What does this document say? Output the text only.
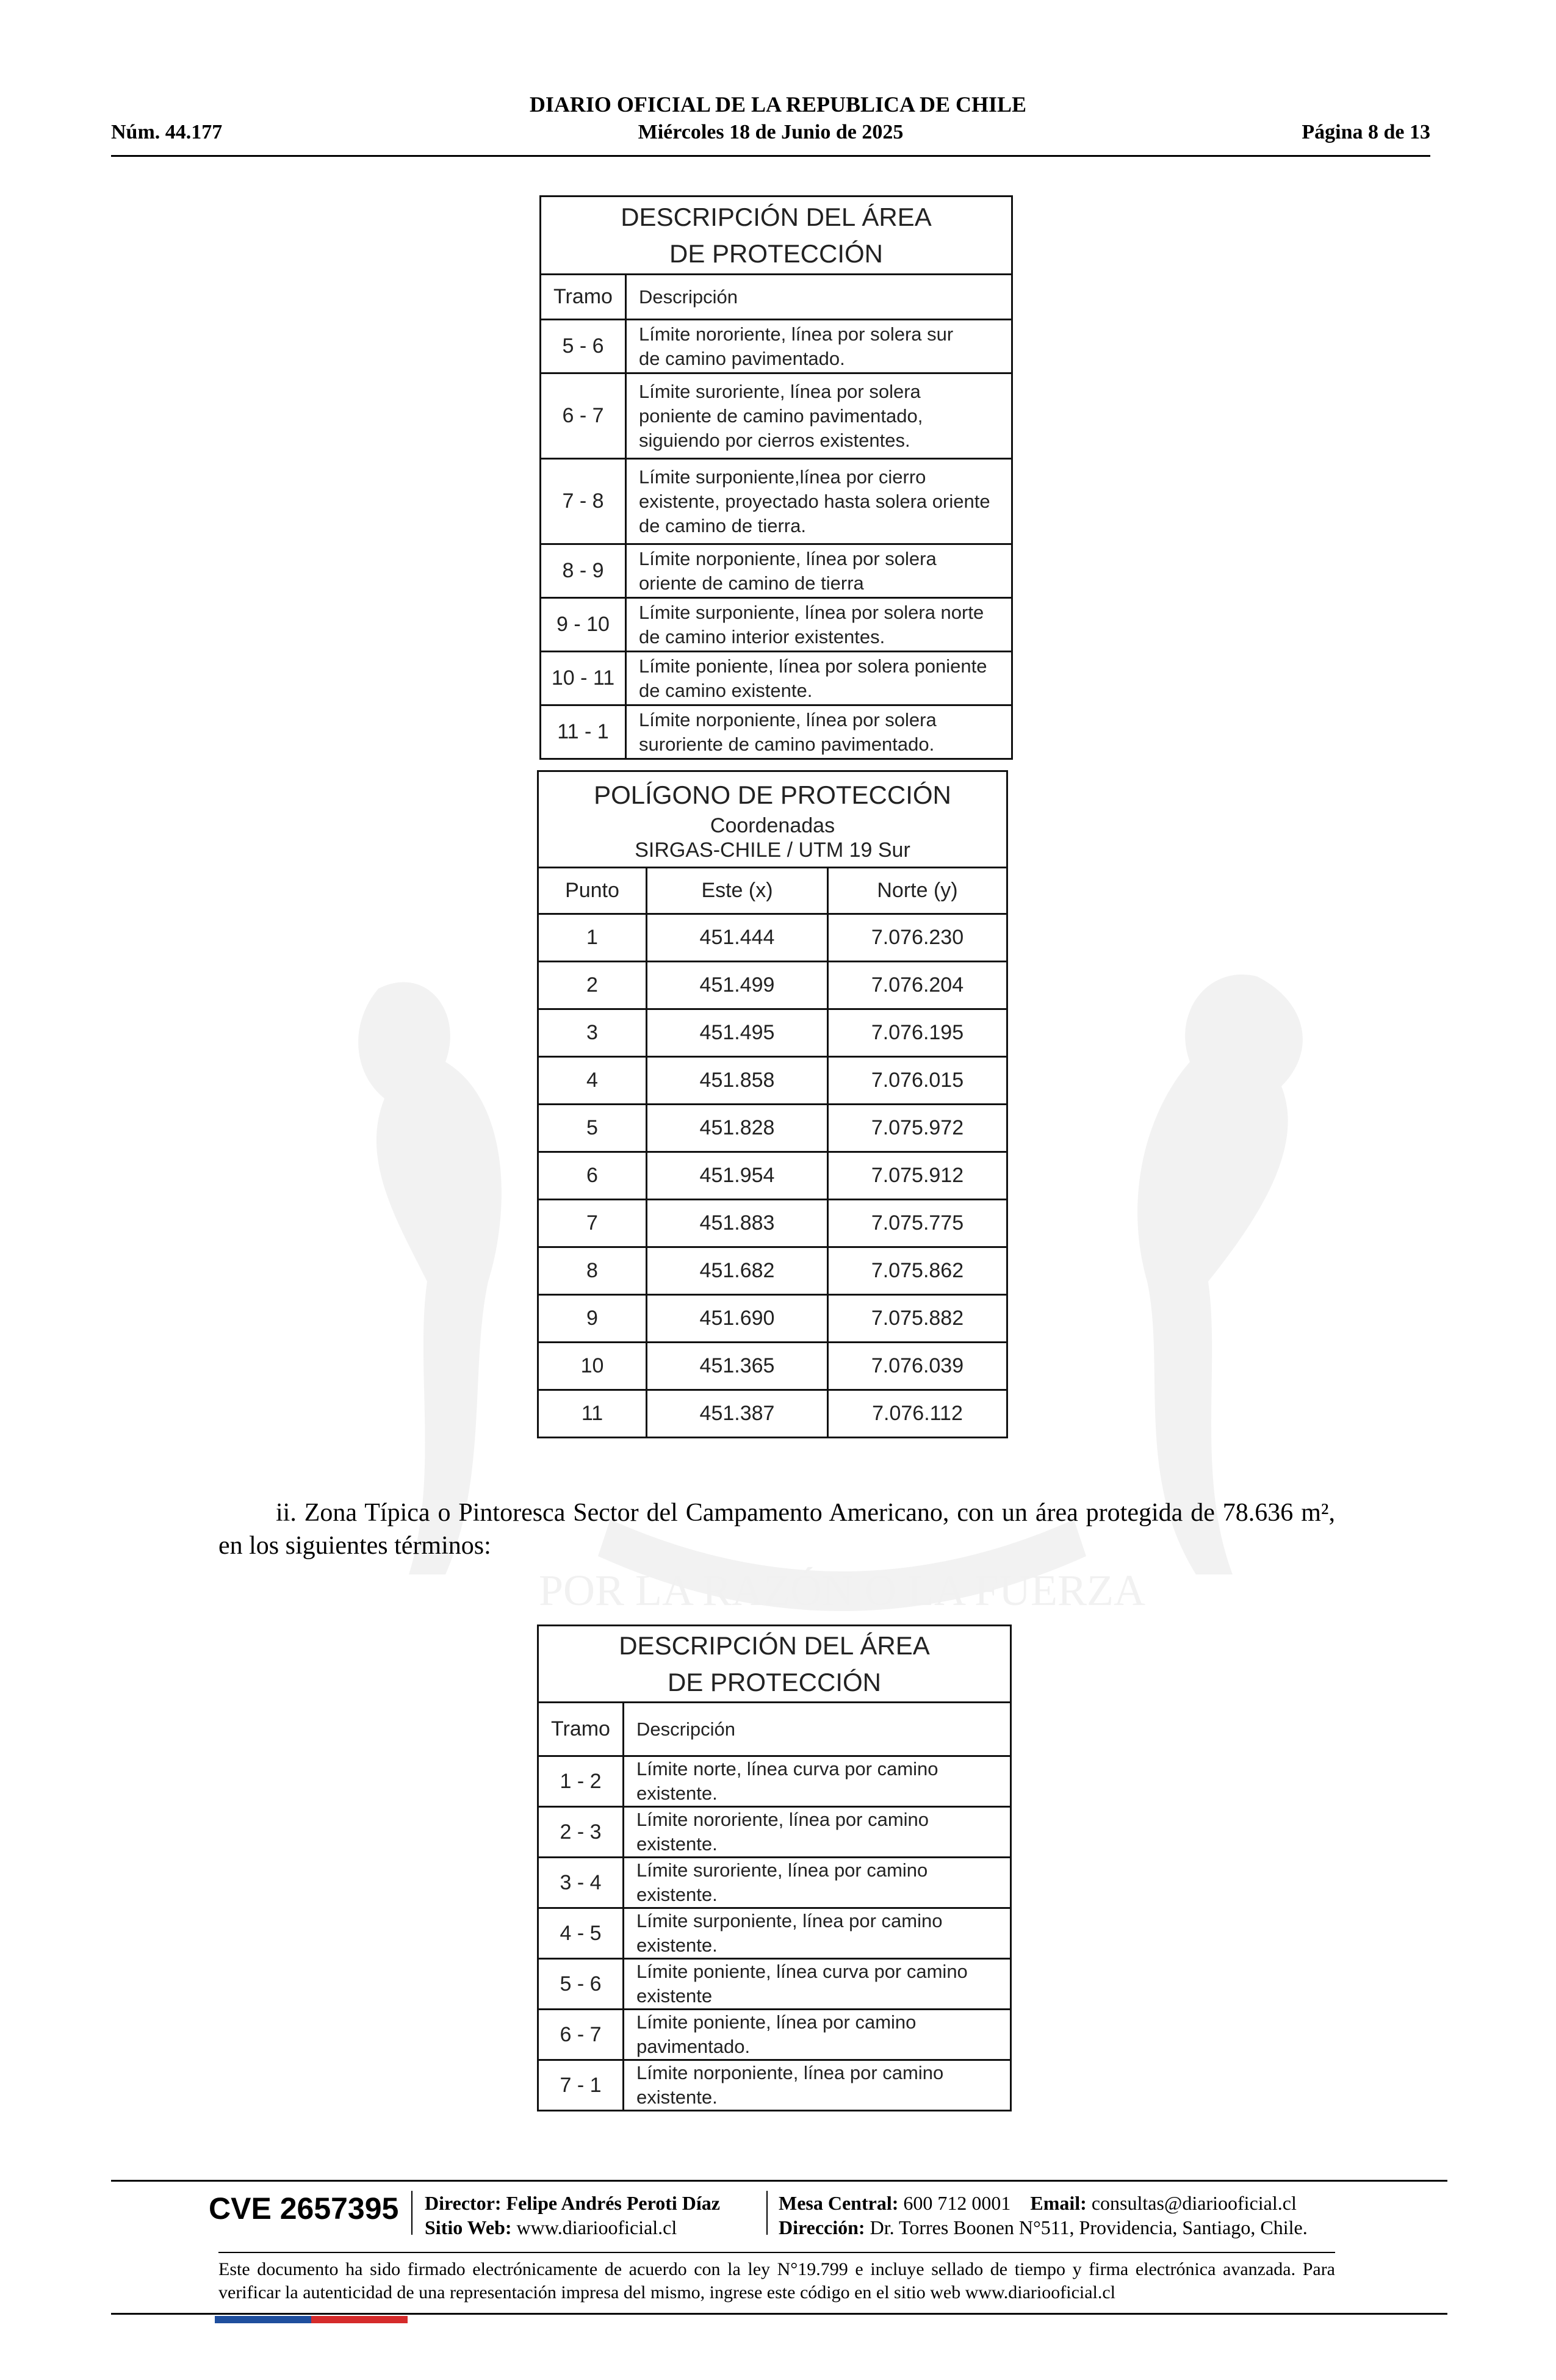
DIARIO OFICIAL DE LA REPUBLICA DE CHILE
Núm. 44.177	Miércoles 18 de Junio de 2025	Página 8 de 13
POR LA RAZÓN O LA FUERZA
DESCRIPCIÓN DEL ÁREA
DE PROTECCIÓN	

Tramo	Descripción
5 - 6	Límite nororiente, línea por solera sur
de camino pavimentado.

6 - 7	Límite suroriente, línea por solera
poniente de camino pavimentado,
siguiendo por cierros existentes.

7 - 8	Límite surponiente,línea por cierro
existente, proyectado hasta solera oriente
de camino de tierra.

8 - 9	Límite norponiente, línea por solera
oriente de camino de tierra

9 - 10	Límite surponiente, línea por solera norte
de camino interior existentes.

10 - 11	Límite poniente, línea por solera poniente
de camino existente.

11 - 1	Límite norponiente, línea por solera
suroriente de camino pavimentado.
POLÍGONO DE PROTECCIÓN
Coordenadas
SIRGAS-CHILE / UTM 19 Sur		

Punto	Este (x)	Norte (y)
1	451.444	7.076.230
2	451.499	7.076.204
3	451.495	7.076.195
4	451.858	7.076.015
5	451.828	7.075.972
6	451.954	7.075.912
7	451.883	7.075.775
8	451.682	7.075.862
9	451.690	7.075.882
10	451.365	7.076.039
11	451.387	7.076.112
ii. Zona Típica o Pintoresca Sector del Campamento Americano, con un área protegida de 78.636 m², en los siguientes términos:
DESCRIPCIÓN DEL ÁREA
DE PROTECCIÓN	

Tramo	Descripción
1 - 2	Límite norte, línea curva por camino
existente.

2 - 3	Límite nororiente, línea por camino
existente.

3 - 4	Límite suroriente, línea por camino
existente.

4 - 5	Límite surponiente, línea por camino
existente.

5 - 6	Límite poniente, línea curva por camino
existente

6 - 7	Límite poniente, línea por camino
pavimentado.

7 - 1	Límite norponiente, línea por camino
existente.
CVE 2657395 Director: Felipe Andrés Peroti Díaz
Sitio Web: www.diariooficial.cl
Mesa Central: 600 712 0001 Email: consultas@diariooficial.cl
Dirección: Dr. Torres Boonen N°511, Providencia, Santiago, Chile.
Este documento ha sido firmado electrónicamente de acuerdo con la ley N°19.799 e incluye sellado de tiempo y firma electrónica avanzada. Para verificar la autenticidad de una representación impresa del mismo, ingrese este código en el sitio web www.diariooficial.cl
